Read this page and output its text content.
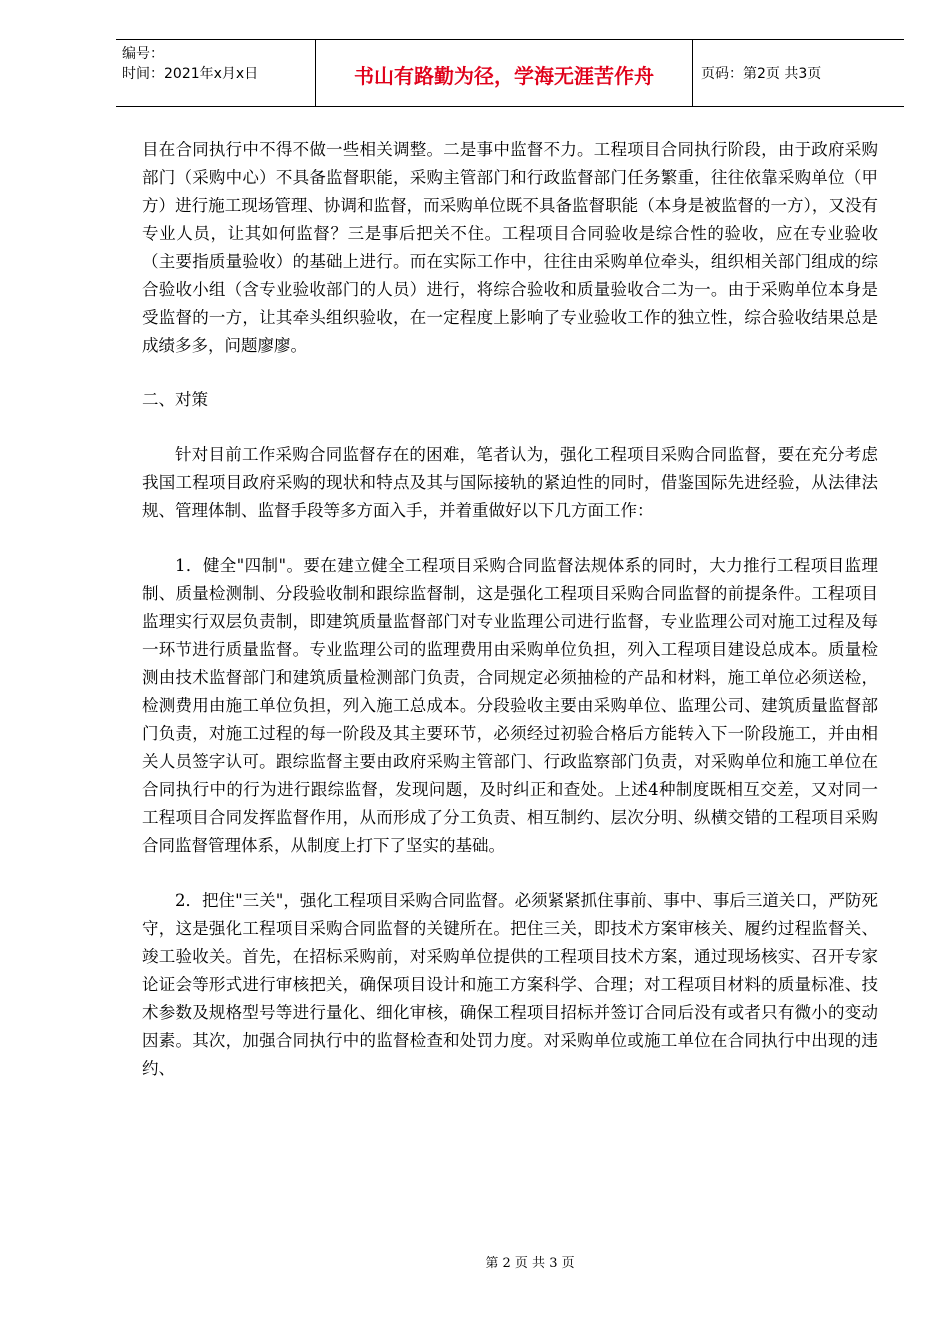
编号：
时间：2021年x月x日	书山有路勤为径，学海无涯苦作舟	页码：第2页 共3页

目在合同执行中不得不做一些相关调整。二是事中监督不力。工程项目合同执行阶段，由于政府采购部门（采购中心）不具备监督职能，采购主管部门和行政监督部门任务繁重，往往依靠采购单位（甲方）进行施工现场管理、协调和监督，而采购单位既不具备监督职能（本身是被监督的一方），又没有专业人员，让其如何监督？三是事后把关不住。工程项目合同验收是综合性的验收，应在专业验收（主要指质量验收）的基础上进行。而在实际工作中，往往由采购单位牵头，组织相关部门组成的综合验收小组（含专业验收部门的人员）进行，将综合验收和质量验收合二为一。由于采购单位本身是受监督的一方，让其牵头组织验收，在一定程度上影响了专业验收工作的独立性，综合验收结果总是成绩多多，问题廖廖。

二、对策

针对目前工作采购合同监督存在的困难，笔者认为，强化工程项目采购合同监督，要在充分考虑我国工程项目政府采购的现状和特点及其与国际接轨的紧迫性的同时，借鉴国际先进经验，从法律法规、管理体制、监督手段等多方面入手，并着重做好以下几方面工作：

1．健全"四制"。要在建立健全工程项目采购合同监督法规体系的同时，大力推行工程项目监理制、质量检测制、分段验收制和跟综监督制，这是强化工程项目采购合同监督的前提条件。工程项目监理实行双层负责制，即建筑质量监督部门对专业监理公司进行监督，专业监理公司对施工过程及每一环节进行质量监督。专业监理公司的监理费用由采购单位负担，列入工程项目建设总成本。质量检测由技术监督部门和建筑质量检测部门负责，合同规定必须抽检的产品和材料，施工单位必须送检，检测费用由施工单位负担，列入施工总成本。分段验收主要由采购单位、监理公司、建筑质量监督部门负责，对施工过程的每一阶段及其主要环节，必须经过初验合格后方能转入下一阶段施工，并由相关人员签字认可。跟综监督主要由政府采购主管部门、行政监察部门负责，对采购单位和施工单位在合同执行中的行为进行跟综监督，发现问题，及时纠正和查处。上述4种制度既相互交差，又对同一工程项目合同发挥监督作用，从而形成了分工负责、相互制约、层次分明、纵横交错的工程项目采购合同监督管理体系，从制度上打下了坚实的基础。

2．把住"三关"，强化工程项目采购合同监督。必须紧紧抓住事前、事中、事后三道关口，严防死守，这是强化工程项目采购合同监督的关键所在。把住三关，即技术方案审核关、履约过程监督关、竣工验收关。首先，在招标采购前，对采购单位提供的工程项目技术方案，通过现场核实、召开专家论证会等形式进行审核把关，确保项目设计和施工方案科学、合理；对工程项目材料的质量标准、技术参数及规格型号等进行量化、细化审核，确保工程项目招标并签订合同后没有或者只有微小的变动因素。其次，加强合同执行中的监督检查和处罚力度。对采购单位或施工单位在合同执行中出现的违约、

第 2 页 共 3 页
